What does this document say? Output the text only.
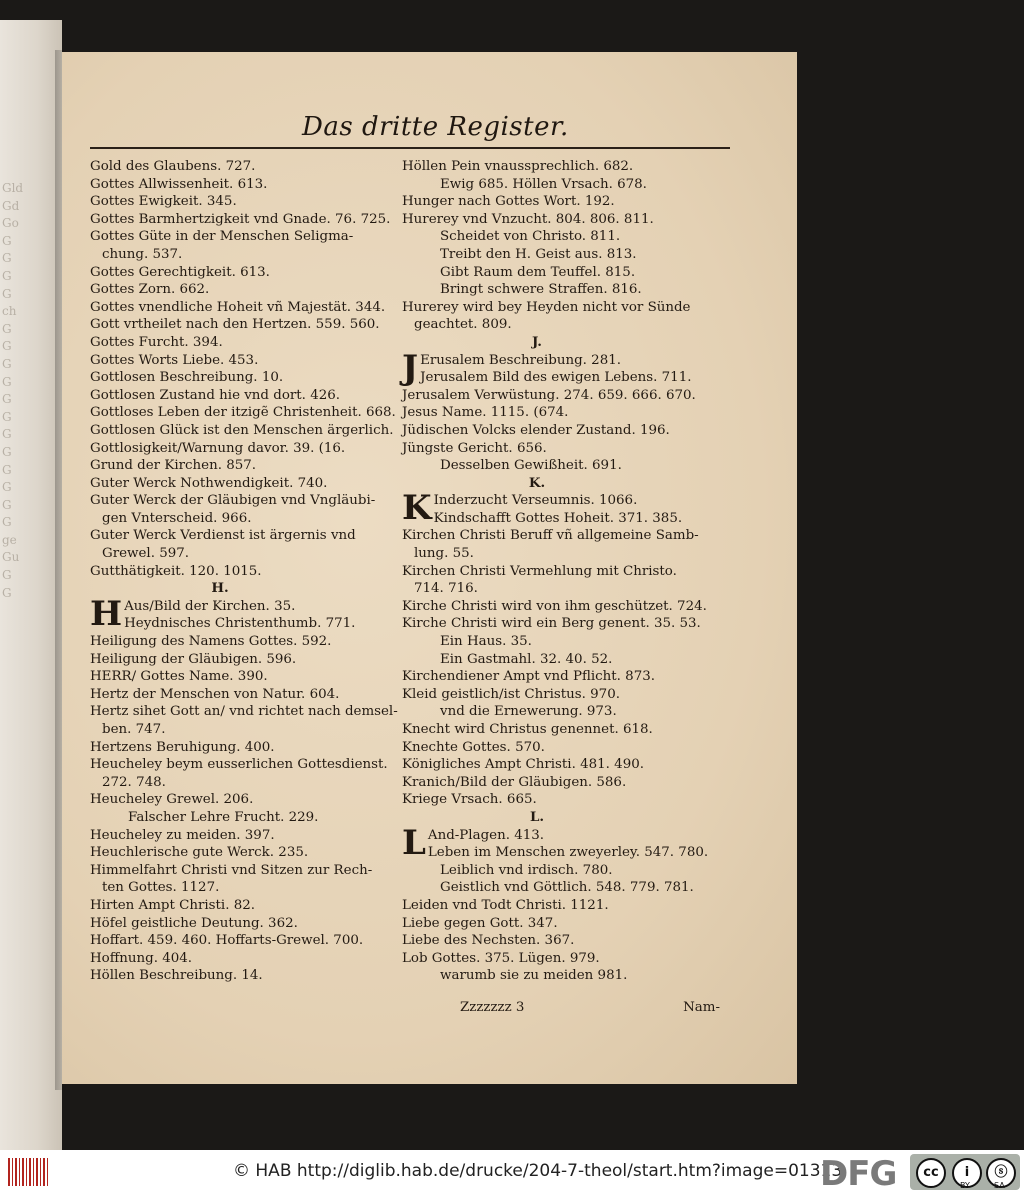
Gld
Gd
Go
G
G
G
G
ch
G
G
G
G
G
G
G
G
G
G
G
G
ge
Gu
G
G
Das dritte Register.
Gold des Glaubens. 727.
Gottes Allwissenheit. 613.
Gottes Ewigkeit. 345.
Gottes Barmhertzigkeit vnd Gnade. 76. 725.
Gottes Güte in der Menschen Seligma-
chung. 537.
Gottes Gerechtigkeit. 613.
Gottes Zorn. 662.
Gottes vnendliche Hoheit vñ Majestät. 344.
Gott vrtheilet nach den Hertzen. 559. 560.
Gottes Furcht. 394.
Gottes Worts Liebe. 453.
Gottlosen Beschreibung. 10.
Gottlosen Zustand hie vnd dort. 426.
Gottloses Leben der itzigẽ Christenheit. 668.
Gottlosen Glück ist den Menschen ärgerlich.
Gottlosigkeit/Warnung davor. 39. (16.
Grund der Kirchen. 857.
Guter Werck Nothwendigkeit. 740.
Guter Werck der Gläubigen vnd Vngläubi-
gen Vnterscheid. 966.
Guter Werck Verdienst ist ärgernis vnd
Grewel. 597.
Gutthätigkeit. 120. 1015.
H.
HAus/Bild der Kirchen. 35.
Heydnisches Christenthumb. 771.
Heiligung des Namens Gottes. 592.
Heiligung der Gläubigen. 596.
HERR/ Gottes Name. 390.
Hertz der Menschen von Natur. 604.
Hertz sihet Gott an/ vnd richtet nach demsel-
ben. 747.
Hertzens Beruhigung. 400.
Heucheley beym eusserlichen Gottesdienst.
272. 748.
Heucheley Grewel. 206.
Falscher Lehre Frucht. 229.
Heucheley zu meiden. 397.
Heuchlerische gute Werck. 235.
Himmelfahrt Christi vnd Sitzen zur Rech-
ten Gottes. 1127.
Hirten Ampt Christi. 82.
Höfel geistliche Deutung. 362.
Hoffart. 459. 460. Hoffarts-Grewel. 700.
Hoffnung. 404.
Höllen Beschreibung. 14.
Höllen Pein vnaussprechlich. 682.
Ewig 685. Höllen Vrsach. 678.
Hunger nach Gottes Wort. 192.
Hurerey vnd Vnzucht. 804. 806. 811.
Scheidet von Christo. 811.
Treibt den H. Geist aus. 813.
Gibt Raum dem Teuffel. 815.
Bringt schwere Straffen. 816.
Hurerey wird bey Heyden nicht vor Sünde
geachtet. 809.
J.
JErusalem Beschreibung. 281.
Jerusalem Bild des ewigen Lebens. 711.
Jerusalem Verwüstung. 274. 659. 666. 670.
Jesus Name. 1115. (674.
Jüdischen Volcks elender Zustand. 196.
Jüngste Gericht. 656.
Desselben Gewißheit. 691.
K.
KInderzucht Verseumnis. 1066.
Kindschafft Gottes Hoheit. 371. 385.
Kirchen Christi Beruff vñ allgemeine Samb-
lung. 55.
Kirchen Christi Vermehlung mit Christo.
714. 716.
Kirche Christi wird von ihm geschützet. 724.
Kirche Christi wird ein Berg genent. 35. 53.
Ein Haus. 35.
Ein Gastmahl. 32. 40. 52.
Kirchendiener Ampt vnd Pflicht. 873.
Kleid geistlich/ist Christus. 970.
vnd die Ernewerung. 973.
Knecht wird Christus genennet. 618.
Knechte Gottes. 570.
Königliches Ampt Christi. 481. 490.
Kranich/Bild der Gläubigen. 586.
Kriege Vrsach. 665.
L.
LAnd-Plagen. 413.
Leben im Menschen zweyerley. 547. 780.
Leiblich vnd irdisch. 780.
Geistlich vnd Göttlich. 548. 779. 781.
Leiden vnd Todt Christi. 1121.
Liebe gegen Gott. 347.
Liebe des Nechsten. 367.
Lob Gottes. 375. Lügen. 979.
warumb sie zu meiden 981.
Zzzzzzz 3	Nam-
© HAB http://diglib.hab.de/drucke/204-7-theol/start.htm?image=01313
DFG	cc	i	ⓢ
BY	SA
